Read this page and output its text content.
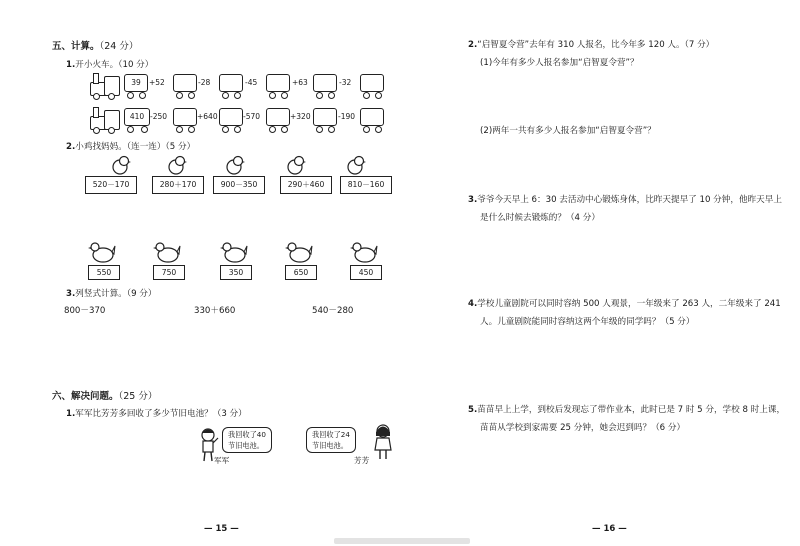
五、计算。（24 分）
1.开小火车。（10 分）
39	+52	-28	-45	+63	-32
410 -250	+640	-570	+320	-190
2.小鸡找妈妈。（连一连）（5 分）
520－170	280＋170	900－350	290＋460	810－160
550	750	350	650	450
3.列竖式计算。（9 分）
800－370	330＋660	540－280
六、解决问题。（25 分）
1.军军比芳芳多回收了多少节旧电池？（3 分）
我回收了40
节旧电池。
军军
我回收了24
节旧电池。
芳芳
— 15 —
2.“启智夏令营”去年有 310 人报名，比今年多 120 人。（7 分）
(1)今年有多少人报名参加“启智夏令营”？
(2)两年一共有多少人报名参加“启智夏令营”？
3.爷爷今天早上 6：30 去活动中心锻炼身体，比昨天提早了 10 分钟，他昨天早上
是什么时候去锻炼的？（4 分）
4.学校儿童剧院可以同时容纳 500 人观景，一年级来了 263 人，二年级来了 241
人。儿童剧院能同时容纳这两个年级的同学吗？（5 分）
5.苗苗早上上学，到校后发现忘了带作业本，此时已是 7 时 5 分，学校 8 时上课，
苗苗从学校到家需要 25 分钟，她会迟到吗？（6 分）
— 16 —
